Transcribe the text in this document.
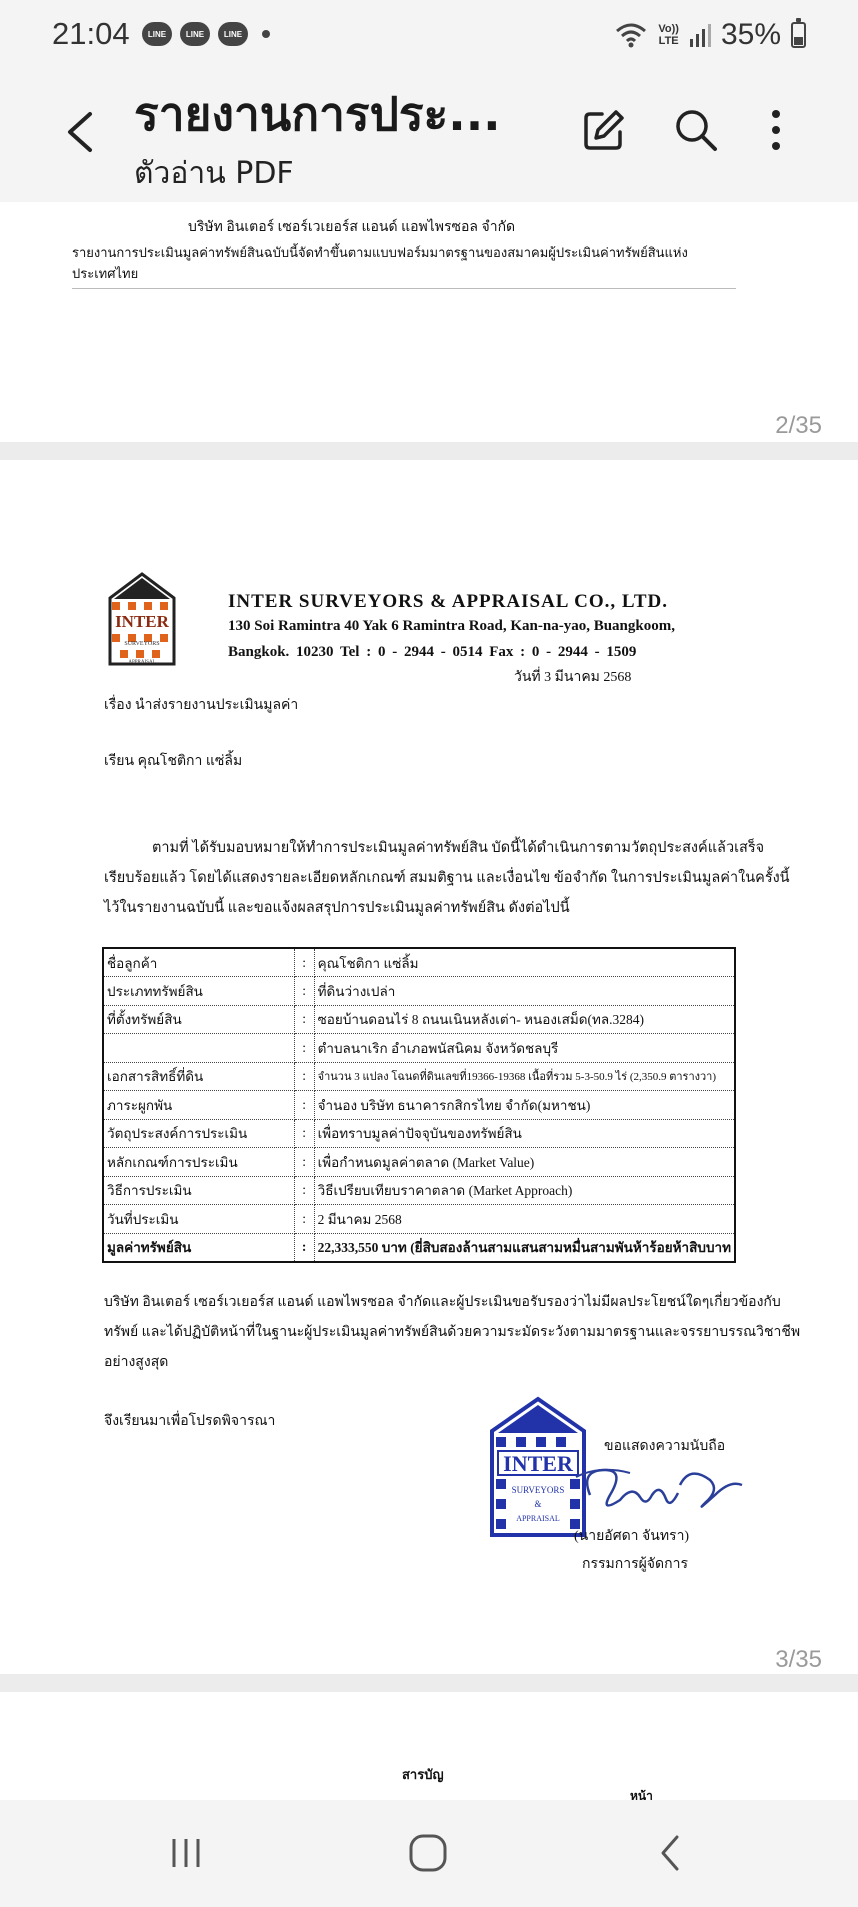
21:04	LINE	LINE	LINE	Vo))
LTE 35%
รายงานการประ...
ตัวอ่าน PDF
บริษัท อินเตอร์ เซอร์เวเยอร์ส แอนด์ แอพไพรซอล จำกัด
รายงานการประเมินมูลค่าทรัพย์สินฉบับนี้จัดทำขึ้นตามแบบฟอร์มมาตรฐานของสมาคมผู้ประเมินค่าทรัพย์สินแห่งประเทศไทย
2/35
INTER
SURVEYORS
APPRAISAL
INTER SURVEYORS & APPRAISAL CO., LTD.
130 Soi Ramintra 40 Yak 6 Ramintra Road, Kan-na-yao, Buangkoom,
Bangkok. 10230 Tel : 0 - 2944 - 0514 Fax : 0 - 2944 - 1509
วันที่ 3 มีนาคม 2568
เรื่อง นำส่งรายงานประเมินมูลค่า
เรียน คุณโชติกา แซ่ลิ้ม
ตามที่ ได้รับมอบหมายให้ทำการประเมินมูลค่าทรัพย์สิน บัดนี้ได้ดำเนินการตามวัตถุประสงค์แล้วเสร็จเรียบร้อยแล้ว โดยได้แสดงรายละเอียดหลักเกณฑ์ สมมติฐาน และเงื่อนไข ข้อจำกัด ในการประเมินมูลค่าในครั้งนี้ไว้ในรายงานฉบับนี้ และขอแจ้งผลสรุปการประเมินมูลค่าทรัพย์สิน ดังต่อไปนี้
ชื่อลูกค้า	:	คุณโชติกา แซ่ลิ้ม
ประเภททรัพย์สิน	:	ที่ดินว่างเปล่า
ที่ตั้งทรัพย์สิน	:	ซอยบ้านดอนไร่ 8 ถนนเนินหลังเต่า- หนองเสม็ด(ทล.3284)
	:	ตำบลนาเริก อำเภอพนัสนิคม จังหวัดชลบุรี
เอกสารสิทธิ์ที่ดิน	:	จำนวน 3 แปลง โฉนดที่ดินเลขที่19366-19368 เนื้อที่รวม 5-3-50.9 ไร่ (2,350.9 ตารางวา)
ภาระผูกพัน	:	จำนอง บริษัท ธนาคารกสิกรไทย จำกัด(มหาชน)
วัตถุประสงค์การประเมิน	:	เพื่อทราบมูลค่าปัจจุบันของทรัพย์สิน
หลักเกณฑ์การประเมิน	:	เพื่อกำหนดมูลค่าตลาด (Market Value)
วิธีการประเมิน	:	วิธีเปรียบเทียบราคาตลาด (Market Approach)
วันที่ประเมิน	:	2 มีนาคม 2568
มูลค่าทรัพย์สิน	:	22,333,550 บาท (ยี่สิบสองล้านสามแสนสามหมื่นสามพันห้าร้อยห้าสิบบาท
บริษัท อินเตอร์ เซอร์เวเยอร์ส แอนด์ แอพไพรซอล จำกัดและผู้ประเมินขอรับรองว่าไม่มีผลประโยชน์ใดๆเกี่ยวข้องกับทรัพย์ และได้ปฏิบัติหน้าที่ในฐานะผู้ประเมินมูลค่าทรัพย์สินด้วยความระมัดระวังตามมาตรฐานและจรรยาบรรณวิชาชีพอย่างสูงสุด
จึงเรียนมาเพื่อโปรดพิจารณา
INTER
SURVEYORS
&
APPRAISAL
ขอแสดงความนับถือ
(นายอัศดา จันทรา)
กรรมการผู้จัดการ
3/35
สารบัญ
หน้า
